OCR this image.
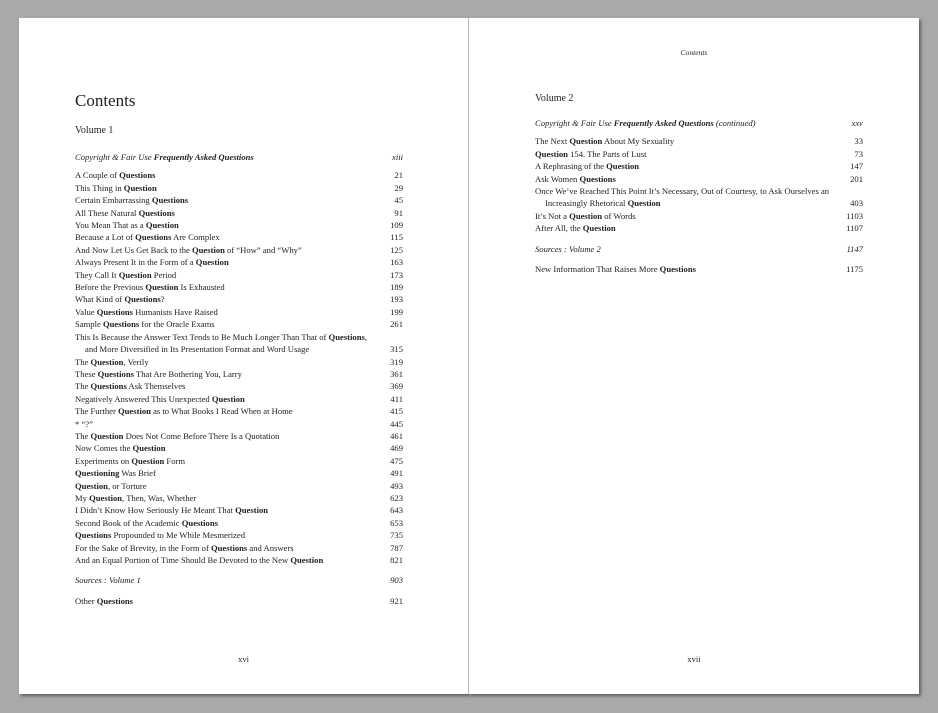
Contents
Volume 1
Copyright & Fair Use Frequently Asked Questions	xiii
A Couple of Questions	21
This Thing in Question	29
Certain Embarrassing Questions	45
All These Natural Questions	91
You Mean That as a Question	109
Because a Lot of Questions Are Complex	115
And Now Let Us Get Back to the Question of “How” and “Why”	125
Always Present It in the Form of a Question	163
They Call It Question Period	173
Before the Previous Question Is Exhausted	189
What Kind of Questions?	193
Value Questions Humanists Have Raised	199
Sample Questions for the Oracle Exams	261
This Is Because the Answer Text Tends to Be Much Longer Than That of Questions, and More Diversified in Its Presentation Format and Word Usage	315
The Question, Verily	319
These Questions That Are Bothering You, Larry	361
The Questions Ask Themselves	369
Negatively Answered This Unexpected Question	411
The Further Question as to What Books I Read When at Home	415
* “?”	445
The Question Does Not Come Before There Is a Quotation	461
Now Comes the Question	469
Experiments on Question Form	475
Questioning Was Brief	491
Question, or Torture	493
My Question, Then, Was, Whether	623
I Didn’t Know How Seriously He Meant That Question	643
Second Book of the Academic Questions	653
Questions Propounded to Me While Mesmerized	735
For the Sake of Brevity, in the Form of Questions and Answers	787
And an Equal Portion of Time Should Be Devoted to the New Question	821
Sources : Volume 1	903
Other Questions	921
xvi
Contents
Volume 2
Copyright & Fair Use Frequently Asked Questions (continued)	xxv
The Next Question About My Sexuality	33
Question 154. The Parts of Lust	73
A Rephrasing of the Question	147
Ask Women Questions	201
Once We’ve Reached This Point It’s Necessary, Out of Courtesy, to Ask Ourselves an Increasingly Rhetorical Question	403
It’s Not a Question of Words	1103
After All, the Question	1107
Sources : Volume 2	1147
New Information That Raises More Questions	1175
xvii
